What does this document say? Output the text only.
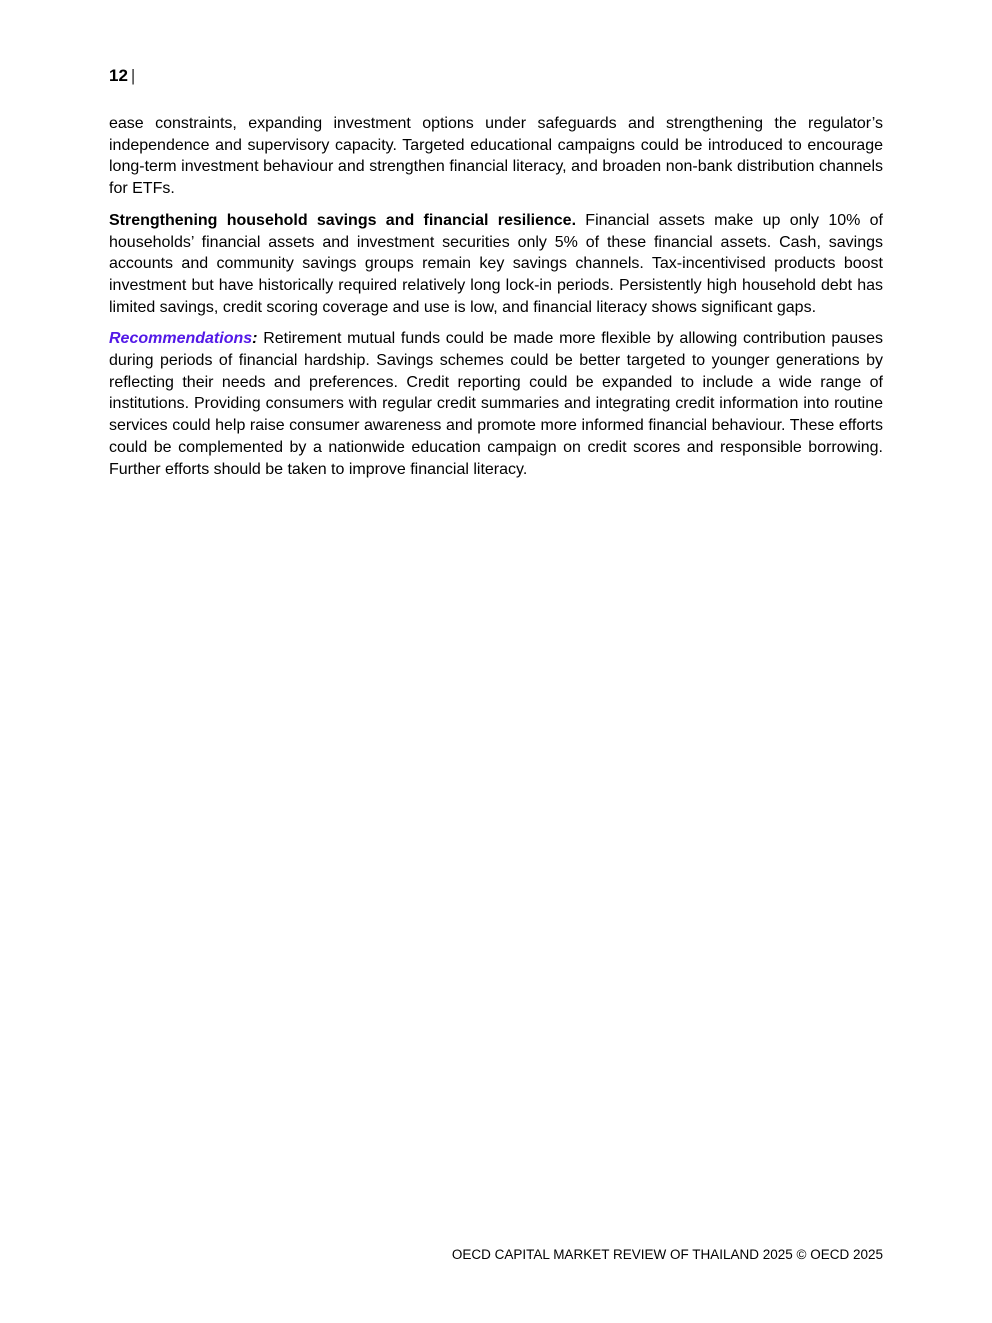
12 |

ease constraints, expanding investment options under safeguards and strengthening the regulator’s independence and supervisory capacity. Targeted educational campaigns could be introduced to encourage long-term investment behaviour and strengthen financial literacy, and broaden non-bank distribution channels for ETFs.

Strengthening household savings and financial resilience. Financial assets make up only 10% of households’ financial assets and investment securities only 5% of these financial assets. Cash, savings accounts and community savings groups remain key savings channels. Tax-incentivised products boost investment but have historically required relatively long lock-in periods. Persistently high household debt has limited savings, credit scoring coverage and use is low, and financial literacy shows significant gaps.

Recommendations: Retirement mutual funds could be made more flexible by allowing contribution pauses during periods of financial hardship. Savings schemes could be better targeted to younger generations by reflecting their needs and preferences. Credit reporting could be expanded to include a wide range of institutions. Providing consumers with regular credit summaries and integrating credit information into routine services could help raise consumer awareness and promote more informed financial behaviour. These efforts could be complemented by a nationwide education campaign on credit scores and responsible borrowing. Further efforts should be taken to improve financial literacy.

OECD CAPITAL MARKET REVIEW OF THAILAND 2025 © OECD 2025
